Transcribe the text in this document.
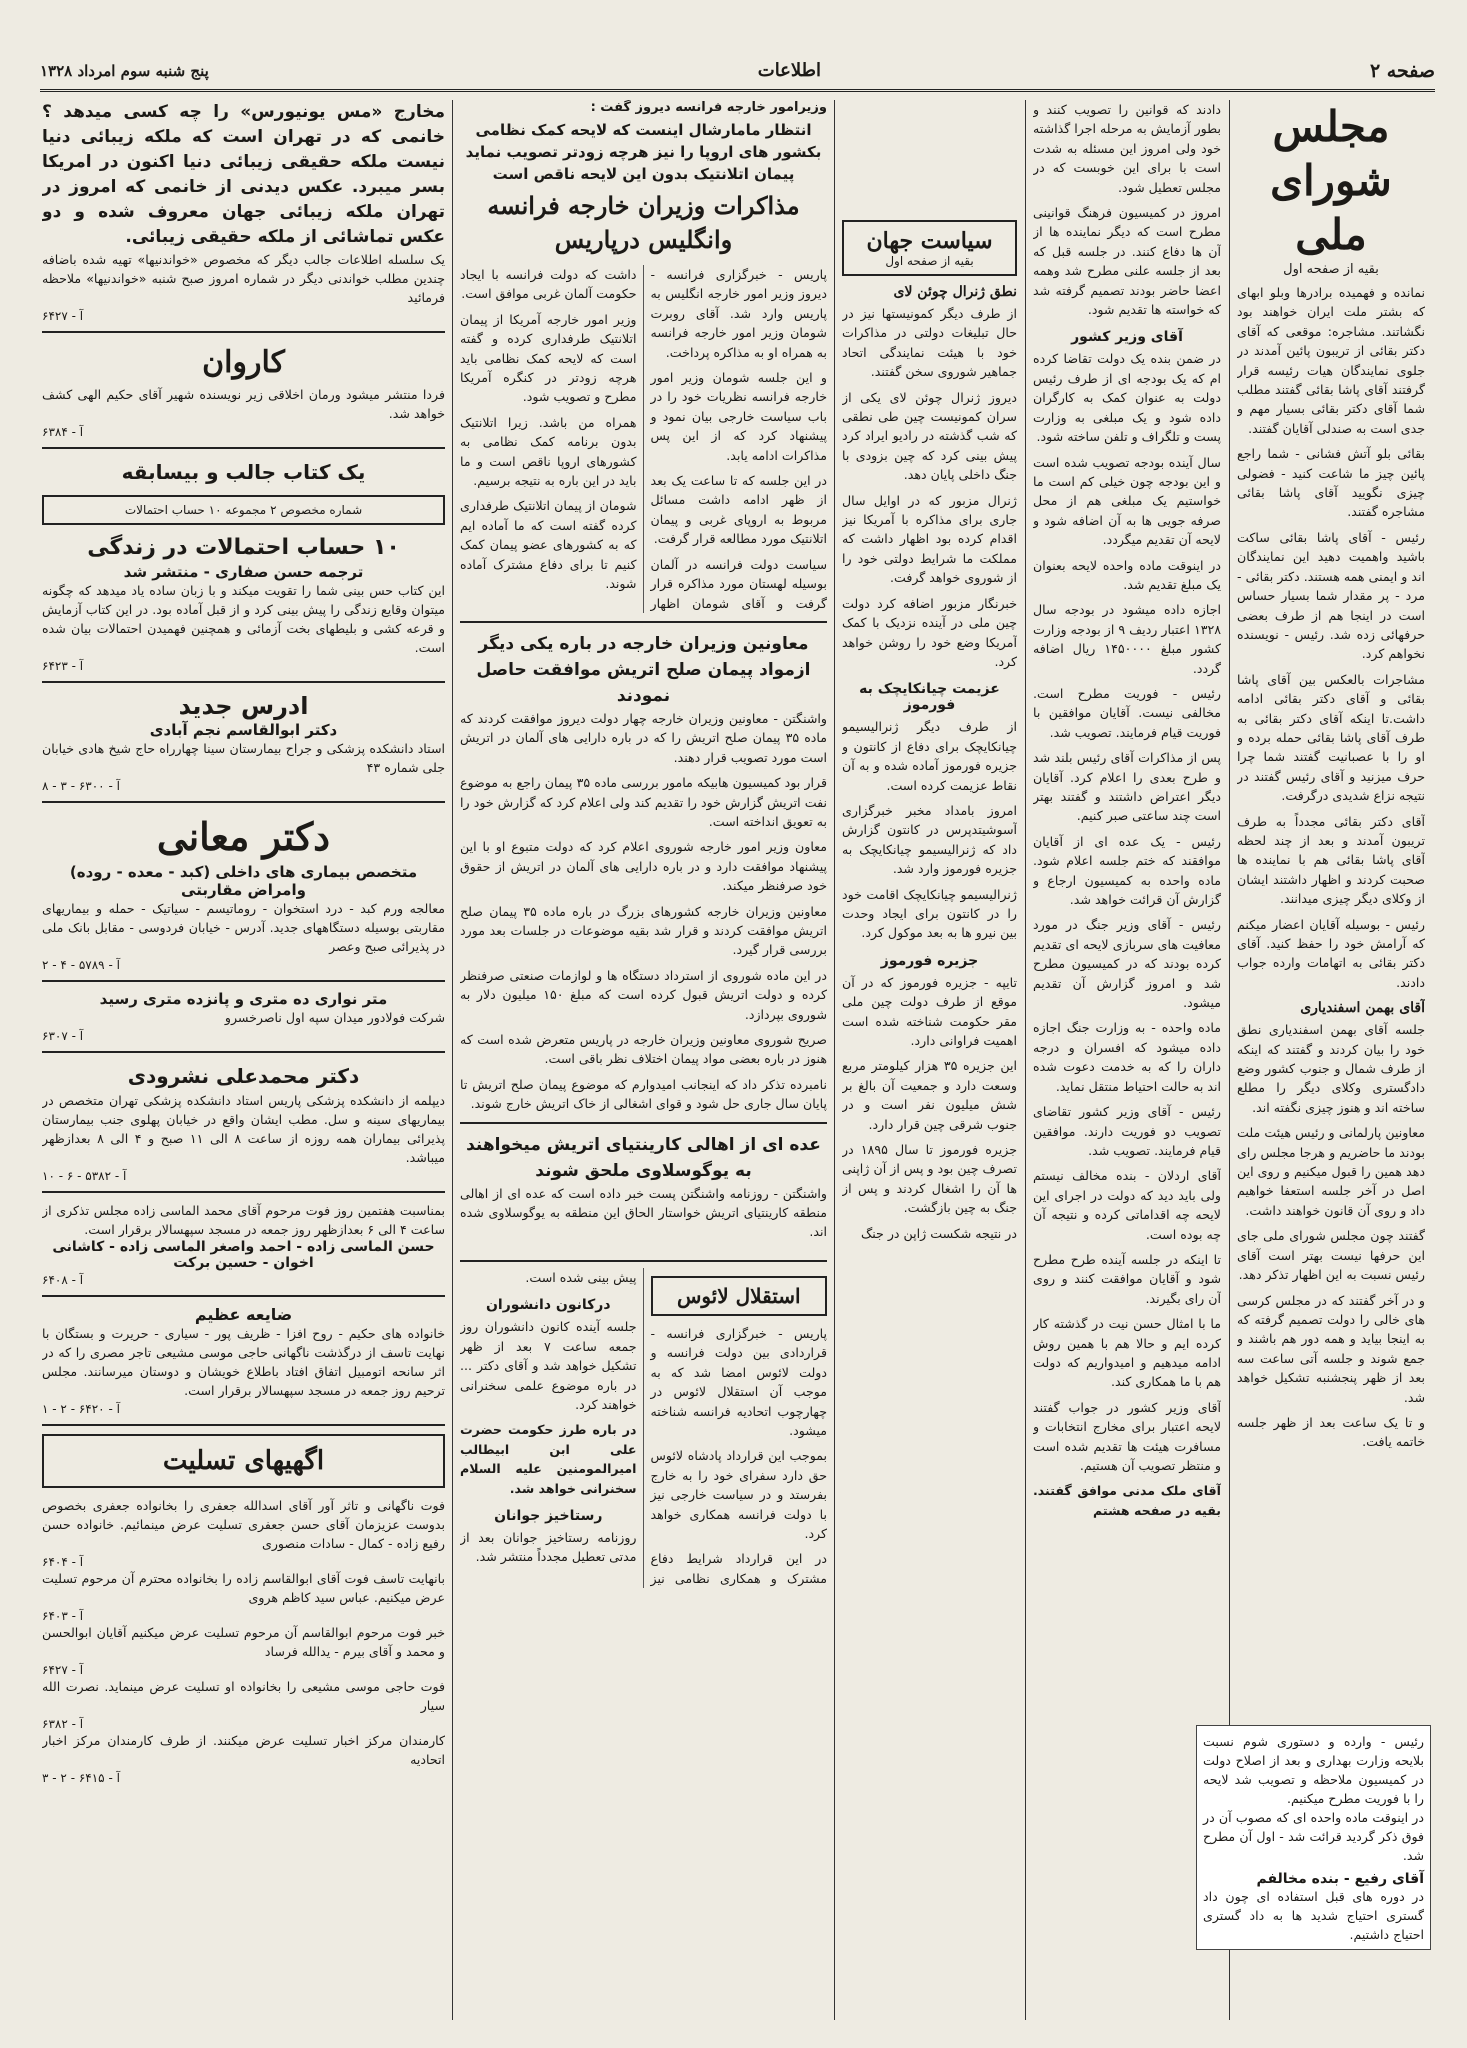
صفحه ۲
اطلاعات
پنج شنبه سوم امرداد ۱۳۲۸
مجلس شورای ملی
بقیه از صفحه اول

نمانده و فهمیده برادرها وبلو ابهای که بشتر ملت ایران خواهند بود نگشاتند. مشاجره: موقعی که آقای دکتر بقائی از تریبون پائین آمدند در جلوی نمایندگان هیات رئیسه قرار گرفتند آقای پاشا بقائی گفتند مطلب شما آقای دکتر بقائی بسیار مهم و جدی است به صندلی آقایان گفتند.

بقائی بلو آتش فشانی - شما راجع پائین چیز ما شاعت کنید - فضولی چیزی نگویید آقای پاشا بقائی مشاجره گفتند.

رئیس - آقای پاشا بقائی ساکت باشید واهمیت دهید این نمایندگان اند و ایمنی همه هستند. دکتر بقائی - مرد - پر مقدار شما بسیار حساس است در اینجا هم از طرف بعضی حرفهائی زده شد. رئیس - نویسنده نخواهم کرد.

مشاجرات بالعکس بین آقای پاشا بقائی و آقای دکتر بقائی ادامه داشت.تا اینکه آقای دکتر بقائی به طرف آقای پاشا بقائی حمله برده و او را با عصبانیت گفتند شما چرا حرف میزنید و آقای رئیس گفتند در نتیجه نزاع شدیدی درگرفت.

آقای دکتر بقائی مجدداً به طرف تریبون آمدند و بعد از چند لحظه آقای پاشا بقائی هم با نماینده ها صحبت کردند و اظهار داشتند ایشان از وکلای دیگر چیزی میدانند.

رئیس - بوسیله آقایان اعضار میکنم که آرامش خود را حفظ کنید. آقای دکتر بقائی به اتهامات وارده جواب دادند.

آقای بهمن اسفندیاری

جلسه آقای بهمن اسفندیاری نطق خود را بیان کردند و گفتند که اینکه از طرف شمال و جنوب کشور وضع دادگستری وکلای دیگر را مطلع ساخته اند و هنوز چیزی نگفته اند.

معاونین پارلمانی و رئیس هیئت ملت بودند ما حاضریم و هرجا مجلس رای دهد همین را قبول میکنیم و روی این اصل در آخر جلسه استعفا خواهیم داد و روی آن قانون خواهند داشت.

گفتند چون مجلس شورای ملی جای این حرفها نیست بهتر است آقای رئیس نسبت به این اظهار تذکر دهد.

و در آخر گفتند که در مجلس کرسی های خالی را دولت تصمیم گرفته که به اینجا بیاید و همه دور هم باشند و جمع شوند و جلسه آتی ساعت سه بعد از ظهر پنجشنبه تشکیل خواهد شد.

و تا یک ساعت بعد از ظهر جلسه خاتمه یافت.

دادند که قوانین را تصویب کنند و بطور آزمایش به مرحله اجرا گذاشته خود ولی امروز این مسئله به شدت است با برای این خوبست که در مجلس تعطیل شود.

امروز در کمیسیون فرهنگ قوانینی مطرح است که دیگر نماینده ها از آن ها دفاع کنند. در جلسه قبل که بعد از جلسه علنی مطرح شد وهمه اعضا حاضر بودند تصمیم گرفته شد که خواسته ها تقدیم شود.

آقای وزیر کشور

در ضمن بنده یک دولت تقاضا کرده ام که یک بودجه ای از طرف رئیس دولت به عنوان کمک به کارگران داده شود و یک مبلغی به وزارت پست و تلگراف و تلفن ساخته شود.

سال آینده بودجه تصویب شده است و این بودجه چون خیلی کم است ما خواستیم یک مبلغی هم از محل صرفه جویی ها به آن اضافه شود و لایحه آن تقدیم میگردد.

در اینوقت ماده واحده لایحه بعنوان یک مبلغ تقدیم شد.

اجازه داده میشود در بودجه سال ۱۳۲۸ اعتبار ردیف ۹ از بودجه وزارت کشور مبلغ ۱۴۵۰۰۰۰ ریال اضافه گردد.

رئیس - فوریت مطرح است. مخالفی نیست. آقایان موافقین با فوریت قیام فرمایند. تصویب شد.

پس از مذاکرات آقای رئیس بلند شد و طرح بعدی را اعلام کرد. آقایان دیگر اعتراض داشتند و گفتند بهتر است چند ساعتی صبر کنیم.

رئیس - یک عده ای از آقایان موافقند که ختم جلسه اعلام شود. ماده واحده به کمیسیون ارجاع و گزارش آن قرائت خواهد شد.

رئیس - آقای وزیر جنگ در مورد معافیت های سربازی لایحه ای تقدیم کرده بودند که در کمیسیون مطرح شد و امروز گزارش آن تقدیم میشود.

ماده واحده - به وزارت جنگ اجازه داده میشود که افسران و درجه داران را که به خدمت دعوت شده اند به حالت احتیاط منتقل نماید.

رئیس - آقای وزیر کشور تقاضای تصویب دو فوریت دارند. موافقین قیام فرمایند. تصویب شد.

آقای اردلان - بنده مخالف نیستم ولی باید دید که دولت در اجرای این لایحه چه اقداماتی کرده و نتیجه آن چه بوده است.

تا اینکه در جلسه آینده طرح مطرح شود و آقایان موافقت کنند و روی آن رای بگیرند.

ما با امثال حسن نیت در گذشته کار کرده ایم و حالا هم با همین روش ادامه میدهیم و امیدواریم که دولت هم با ما همکاری کند.

آقای وزیر کشور در جواب گفتند لایحه اعتبار برای مخارج انتخابات و مسافرت هیئت ها تقدیم شده است و منتظر تصویب آن هستیم.

آقای ملک مدنی موافق گفتند. بقیه در صفحه هشتم

سیاست جهان
بقیه از صفحه اول
نطق ژنرال چوئن لای

از طرف دیگر کمونیستها نیز در حال تبلیغات دولتی در مذاکرات خود با هیئت نمایندگی اتحاد جماهیر شوروی سخن گفتند.

دیروز ژنرال چوئن لای یکی از سران کمونیست چین طی نطقی که شب گذشته در رادیو ایراد کرد پیش بینی کرد که چین بزودی با جنگ داخلی پایان دهد.

ژنرال مزبور که در اوایل سال جاری برای مذاکره با آمریکا نیز اقدام کرده بود اظهار داشت که مملکت ما شرایط دولتی خود را از شوروی خواهد گرفت.

خبرنگار مزبور اضافه کرد دولت چین ملی در آینده نزدیک با کمک آمریکا وضع خود را روشن خواهد کرد.

عزیمت چیانکایچک به فورموز

از طرف دیگر ژنرالیسیمو چیانکایچک برای دفاع از کانتون و جزیره فورموز آماده شده و به آن نقاط عزیمت کرده است.

امروز بامداد مخبر خبرگزاری آسوشیتدپرس در کانتون گزارش داد که ژنرالیسیمو چیانکایچک به جزیره فورموز وارد شد.

ژنرالیسیمو چیانکایچک اقامت خود را در کانتون برای ایجاد وحدت بین نیرو ها به بعد موکول کرد.

جزیره فورموز

تایپه - جزیره فورموز که در آن موقع از طرف دولت چین ملی مقر حکومت شناخته شده است اهمیت فراوانی دارد.

این جزیره ۳۵ هزار کیلومتر مربع وسعت دارد و جمعیت آن بالغ بر شش میلیون نفر است و در جنوب شرقی چین قرار دارد.

جزیره فورموز تا سال ۱۸۹۵ در تصرف چین بود و پس از آن ژاپنی ها آن را اشغال کردند و پس از جنگ به چین بازگشت.

در نتیجه شکست ژاپن در جنگ

وزیرامور خارجه فرانسه دیروز گفت :
انتظار مامارشال اینست که لایحه کمک نظامی بکشور های اروپا را نیز هرچه زودتر تصویب نماید پیمان اتلانتیک بدون این لایحه ناقص است
مذاکرات وزیران خارجه فرانسه وانگلیس درپاریس

پاریس - خبرگزاری فرانسه - دیروز وزیر امور خارجه انگلیس به پاریس وارد شد. آقای روبرت شومان وزیر امور خارجه فرانسه به همراه او به مذاکره پرداخت.

و این جلسه شومان وزیر امور خارجه فرانسه نظریات خود را در باب سیاست خارجی بیان نمود و پیشنهاد کرد که از این پس مذاکرات ادامه یابد.

در این جلسه که تا ساعت یک بعد از ظهر ادامه داشت مسائل مربوط به اروپای غربی و پیمان اتلانتیک مورد مطالعه قرار گرفت.

سیاست دولت فرانسه در آلمان بوسیله لهستان مورد مذاکره قرار گرفت و آقای شومان اظهار داشت که دولت فرانسه با ایجاد حکومت آلمان غربی موافق است.

وزیر امور خارجه آمریکا از پیمان اتلانتیک طرفداری کرده و گفته است که لایحه کمک نظامی باید هرچه زودتر در کنگره آمریکا مطرح و تصویب شود.

همراه من باشد. زیرا اتلانتیک بدون برنامه کمک نظامی به کشورهای اروپا ناقص است و ما باید در این باره به نتیجه برسیم.

شومان از پیمان اتلانتیک طرفداری کرده گفته است که ما آماده ایم که به کشورهای عضو پیمان کمک کنیم تا برای دفاع مشترک آماده شوند.

معاونین وزیران خارجه در باره یکی دیگر ازمواد پیمان صلح اتریش موافقت حاصل نمودند

واشنگتن - معاونین وزیران خارجه چهار دولت دیروز موافقت کردند که ماده ۳۵ پیمان صلح اتریش را که در باره دارایی های آلمان در اتریش است مورد تصویب قرار دهند.

قرار بود کمیسیون هابیکه مامور بررسی ماده ۳۵ پیمان راجع به موضوع نفت اتریش گزارش خود را تقدیم کند ولی اعلام کرد که گزارش خود را به تعویق انداخته است.

معاون وزیر امور خارجه شوروی اعلام کرد که دولت متبوع او با این پیشنهاد موافقت دارد و در باره دارایی های آلمان در اتریش از حقوق خود صرفنظر میکند.

معاونین وزیران خارجه کشورهای بزرگ در باره ماده ۳۵ پیمان صلح اتریش موافقت کردند و قرار شد بقیه موضوعات در جلسات بعد مورد بررسی قرار گیرد.

در این ماده شوروی از استرداد دستگاه ها و لوازمات صنعتی صرفنظر کرده و دولت اتریش قبول کرده است که مبلغ ۱۵۰ میلیون دلار به شوروی بپردازد.

صریح شوروی معاونین وزیران خارجه در پاریس متعرض شده است که هنوز در باره بعضی مواد پیمان اختلاف نظر باقی است.

نامبرده تذکر داد که اینجانب امیدوارم که موضوع پیمان صلح اتریش تا پایان سال جاری حل شود و قوای اشغالی از خاک اتریش خارج شوند.

عده ای از اهالی کارینتیای اتریش میخواهند به یوگوسلاوی ملحق شوند

واشنگتن - روزنامه واشنگتن پست خبر داده است که عده ای از اهالی منطقه کارینتیای اتریش خواستار الحاق این منطقه به یوگوسلاوی شده اند.

استقلال لائوس

پاریس - خبرگزاری فرانسه - قراردادی بین دولت فرانسه و دولت لائوس امضا شد که به موجب آن استقلال لائوس در چهارچوب اتحادیه فرانسه شناخته میشود.

بموجب این قرارداد پادشاه لائوس حق دارد سفرای خود را به خارج بفرستد و در سیاست خارجی نیز با دولت فرانسه همکاری خواهد کرد.

در این قرارداد شرایط دفاع مشترک و همکاری نظامی نیز پیش بینی شده است.

درکانون دانشوران

جلسه آینده کانون دانشوران روز جمعه ساعت ۷ بعد از ظهر تشکیل خواهد شد و آقای دکتر ... در باره موضوع علمی سخنرانی خواهند کرد.

در باره طرز حکومت حضرت علی ابن ابیطالب امیرالمومنین علیه السلام سخنرانی خواهد شد.

رستاخیز جوانان

روزنامه رستاخیز جوانان بعد از مدتی تعطیل مجدداً منتشر شد.

مخارج «مس یونیورس» را چه کسی میدهد ؟ خانمی که در تهران است که ملکه زیبائی دنیا نیست ملکه حقیقی زیبائی دنیا اکنون در امریکا بسر میبرد. عکس دیدنی از خانمی که امروز در تهران ملکه زیبائی جهان معروف شده و دو عکس تماشائی از ملکه حقیقی زیبائی.
یک سلسله اطلاعات جالب دیگر که مخصوص «خواندنیها» تهیه شده باضافه چندین مطلب خواندنی دیگر در شماره امروز صبح شنبه «خواندنیها» ملاحظه فرمائید
آ - ۶۴۲۷
کاروان
فردا منتشر میشود ورمان اخلاقی زیر نویسنده شهیر آقای حکیم الهی کشف خواهد شد.
آ - ۶۳۸۴
یک کتاب جالب و بیسابقه
شماره مخصوص ۲ مجموعه ۱۰ حساب احتمالات
۱۰ حساب احتمالات در زندگی
ترجمه حسن صفاری - منتشر شد
این کتاب حس بینی شما را تقویت میکند و با زبان ساده یاد میدهد که چگونه میتوان وقایع زندگی را پیش بینی کرد و از قبل آماده بود. در این کتاب آزمایش و قرعه کشی و بلیطهای بخت آزمائی و همچنین فهمیدن احتمالات بیان شده است.
آ - ۶۴۲۳
ادرس جدید
دکتر ابوالقاسم نجم آبادی
استاد دانشکده پزشکی و جراح بیمارستان سینا چهارراه حاج شیخ هادی خیابان جلی شماره ۴۳
آ - ۶۳۰۰ - ۳ - ۸
دکتر معانی
متخصص بیماری های داخلی (کبد - معده - روده) وامراض مقاربتی
معالجه ورم کبد - درد استخوان - روماتیسم - سیاتیک - حمله و بیماریهای مقاربتی بوسیله دستگاههای جدید. آدرس - خیابان فردوسی - مقابل بانک ملی در پذیرائی صبح وعصر
آ - ۵۷۸۹ - ۴ - ۲
متر نواری ده متری و پانزده متری رسید
شرکت فولادور میدان سپه اول ناصرخسرو
آ - ۶۳۰۷
دکتر محمدعلی نشرودی
دیپلمه از دانشکده پزشکی پاریس استاد دانشکده پزشکی تهران متخصص در بیماریهای سینه و سل. مطب ایشان واقع در خیابان پهلوی جنب بیمارستان پذیرائی بیماران همه روزه از ساعت ۸ الی ۱۱ صبح و ۴ الی ۸ بعدازظهر میباشد.
آ - ۵۳۸۲ - ۶ - ۱۰
بمناسبت هفتمین روز فوت مرحوم آقای محمد الماسی زاده مجلس تذکری از ساعت ۴ الی ۶ بعدازظهر روز جمعه در مسجد سپهسالار برقرار است.
حسن الماسی زاده - احمد واصغر الماسی زاده - کاشانی
اخوان - حسین برکت
آ - ۶۴۰۸
ضایعه عظیم
خانواده های حکیم - روح افزا - ظریف پور - سیاری - حریرت و بستگان با نهایت تاسف از درگذشت ناگهانی حاجی موسی مشیعی تاجر مصری را که در اثر سانحه اتومبیل اتفاق افتاد باطلاع خویشان و دوستان میرسانند. مجلس ترحیم روز جمعه در مسجد سپهسالار برقرار است.
آ - ۶۴۲۰ - ۲ - ۱
اگهیهای تسلیت
فوت ناگهانی و تاثر آور آقای اسدالله جعفری را بخانواده جعفری بخصوص بدوست عزیزمان آقای حسن جعفری تسلیت عرض مینمائیم. خانواده حسن رفیع زاده - کمال - سادات منصوری
آ - ۶۴۰۴
بانهایت تاسف فوت آقای ابوالقاسم زاده را بخانواده محترم آن مرحوم تسلیت عرض میکنیم. عباس سید کاظم هروی
آ - ۶۴۰۳
خبر فوت مرحوم ابوالقاسم آن مرحوم تسلیت عرض میکنیم آقایان ابوالحسن و محمد و آقای بیرم - یدالله فرساد
آ - ۶۴۲۷
فوت حاجی موسی مشیعی را بخانواده او تسلیت عرض مینماید. نصرت الله سیار
آ - ۶۳۸۲
کارمندان مرکز اخبار تسلیت عرض میکنند. از طرف کارمندان مرکز اخبار اتحادیه
آ - ۶۴۱۵ - ۲ - ۳

رئیس - وارده و دستوری شوم نسبت بلایحه وزارت بهداری و بعد از اصلاح دولت در کمیسیون ملاحظه و تصویب شد لایحه را با فوریت مطرح میکنیم.

در اینوقت ماده واحده ای که مصوب آن در فوق ذکر گردید قرائت شد - اول آن مطرح شد.

آقای رفیع - بنده مخالفم

در دوره های قبل استفاده ای چون داد گستری احتیاج شدید ها به داد گستری احتیاج داشتیم.
